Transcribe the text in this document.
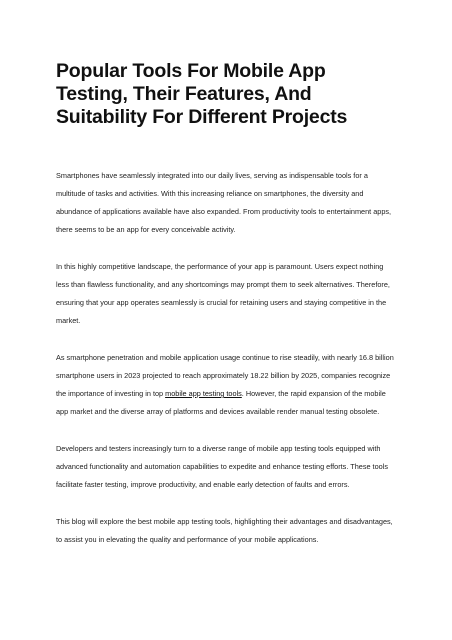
Popular Tools For Mobile App Testing, Their Features, And Suitability For Different Projects

Smartphones have seamlessly integrated into our daily lives, serving as indispensable tools for a multitude of tasks and activities. With this increasing reliance on smartphones, the diversity and abundance of applications available have also expanded. From productivity tools to entertainment apps, there seems to be an app for every conceivable activity.

In this highly competitive landscape, the performance of your app is paramount. Users expect nothing less than flawless functionality, and any shortcomings may prompt them to seek alternatives. Therefore, ensuring that your app operates seamlessly is crucial for retaining users and staying competitive in the market.

As smartphone penetration and mobile application usage continue to rise steadily, with nearly 16.8 billion smartphone users in 2023 projected to reach approximately 18.22 billion by 2025, companies recognize the importance of investing in top mobile app testing tools. However, the rapid expansion of the mobile app market and the diverse array of platforms and devices available render manual testing obsolete.

Developers and testers increasingly turn to a diverse range of mobile app testing tools equipped with advanced functionality and automation capabilities to expedite and enhance testing efforts. These tools facilitate faster testing, improve productivity, and enable early detection of faults and errors.

This blog will explore the best mobile app testing tools, highlighting their advantages and disadvantages, to assist you in elevating the quality and performance of your mobile applications.
